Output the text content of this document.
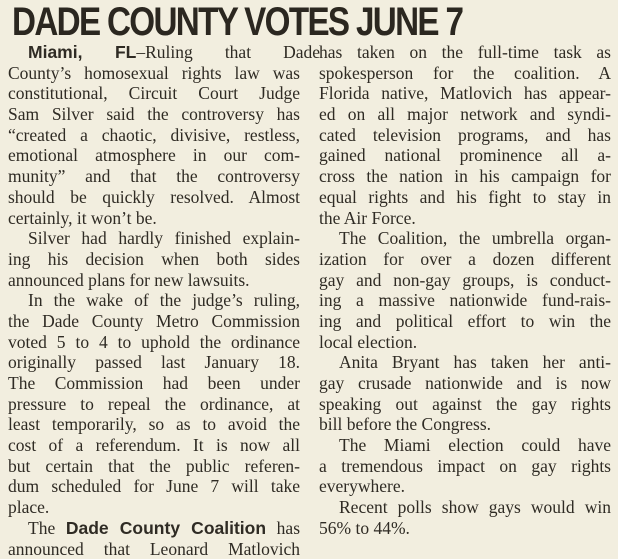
DADE COUNTY VOTES JUNE 7
Miami, FL–Ruling that Dade
County’s homosexual rights law was
constitutional, Circuit Court Judge
Sam Silver said the controversy has
“created a chaotic, divisive, restless,
emotional atmosphere in our com-
munity” and that the controversy
should be quickly resolved. Almost
certainly, it won’t be.
Silver had hardly finished explain-
ing his decision when both sides
announced plans for new lawsuits.
In the wake of the judge’s ruling,
the Dade County Metro Commission
voted 5 to 4 to uphold the ordinance
originally passed last January 18.
The Commission had been under
pressure to repeal the ordinance, at
least temporarily, so as to avoid the
cost of a referendum. It is now all
but certain that the public referen-
dum scheduled for June 7 will take
place.
The Dade County Coalition has
announced that Leonard Matlovich
has taken on the full-time task as
spokesperson for the coalition. A
Florida native, Matlovich has appear-
ed on all major network and syndi-
cated television programs, and has
gained national prominence all a-
cross the nation in his campaign for
equal rights and his fight to stay in
the Air Force.
The Coalition, the umbrella organ-
ization for over a dozen different
gay and non-gay groups, is conduct-
ing a massive nationwide fund-rais-
ing and political effort to win the
local election.
Anita Bryant has taken her anti-
gay crusade nationwide and is now
speaking out against the gay rights
bill before the Congress.
The Miami election could have
a tremendous impact on gay rights
everywhere.
Recent polls show gays would win
56% to 44%.
